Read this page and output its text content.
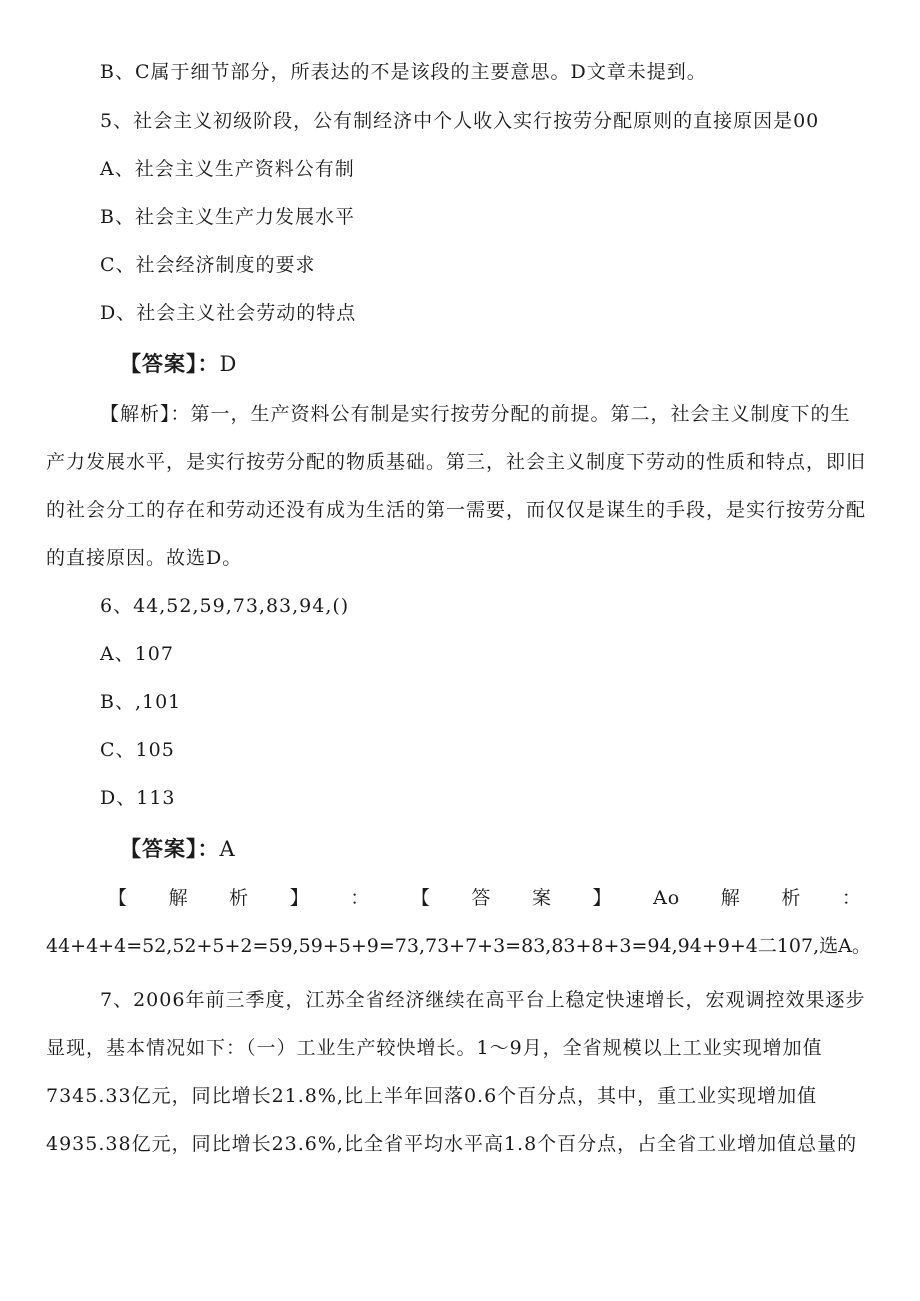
B、C属于细节部分，所表达的不是该段的主要意思。D文章未提到。
5、社会主义初级阶段，公有制经济中个人收入实行按劳分配原则的直接原因是00
A、社会主义生产资料公有制
B、社会主义生产力发展水平
C、社会经济制度的要求
D、社会主义社会劳动的特点
【答案】：D
【解析】：第一，生产资料公有制是实行按劳分配的前提。第二，社会主义制度下的生
产力发展水平，是实行按劳分配的物质基础。第三，社会主义制度下劳动的性质和特点，即旧
的社会分工的存在和劳动还没有成为生活的第一需要，而仅仅是谋生的手段，是实行按劳分配
的直接原因。故选D。
6、44,52,59,73,83,94,()
A、107
B、,101
C、105
D、113
【答案】：A
【 解 析 】 ： 【 答 案 】 Ao 解 析 ：
44+4+4=52,52+5+2=59,59+5+9=73,73+7+3=83,83+8+3=94,94+9+4二107,选A。
7、2006年前三季度，江苏全省经济继续在高平台上稳定快速增长，宏观调控效果逐步
显现，基本情况如下：（一）工业生产较快增长。1～9月，全省规模以上工业实现增加值
7345.33亿元，同比增长21.8%,比上半年回落0.6个百分点，其中，重工业实现增加值
4935.38亿元，同比增长23.6%,比全省平均水平高1.8个百分点，占全省工业增加值总量的
